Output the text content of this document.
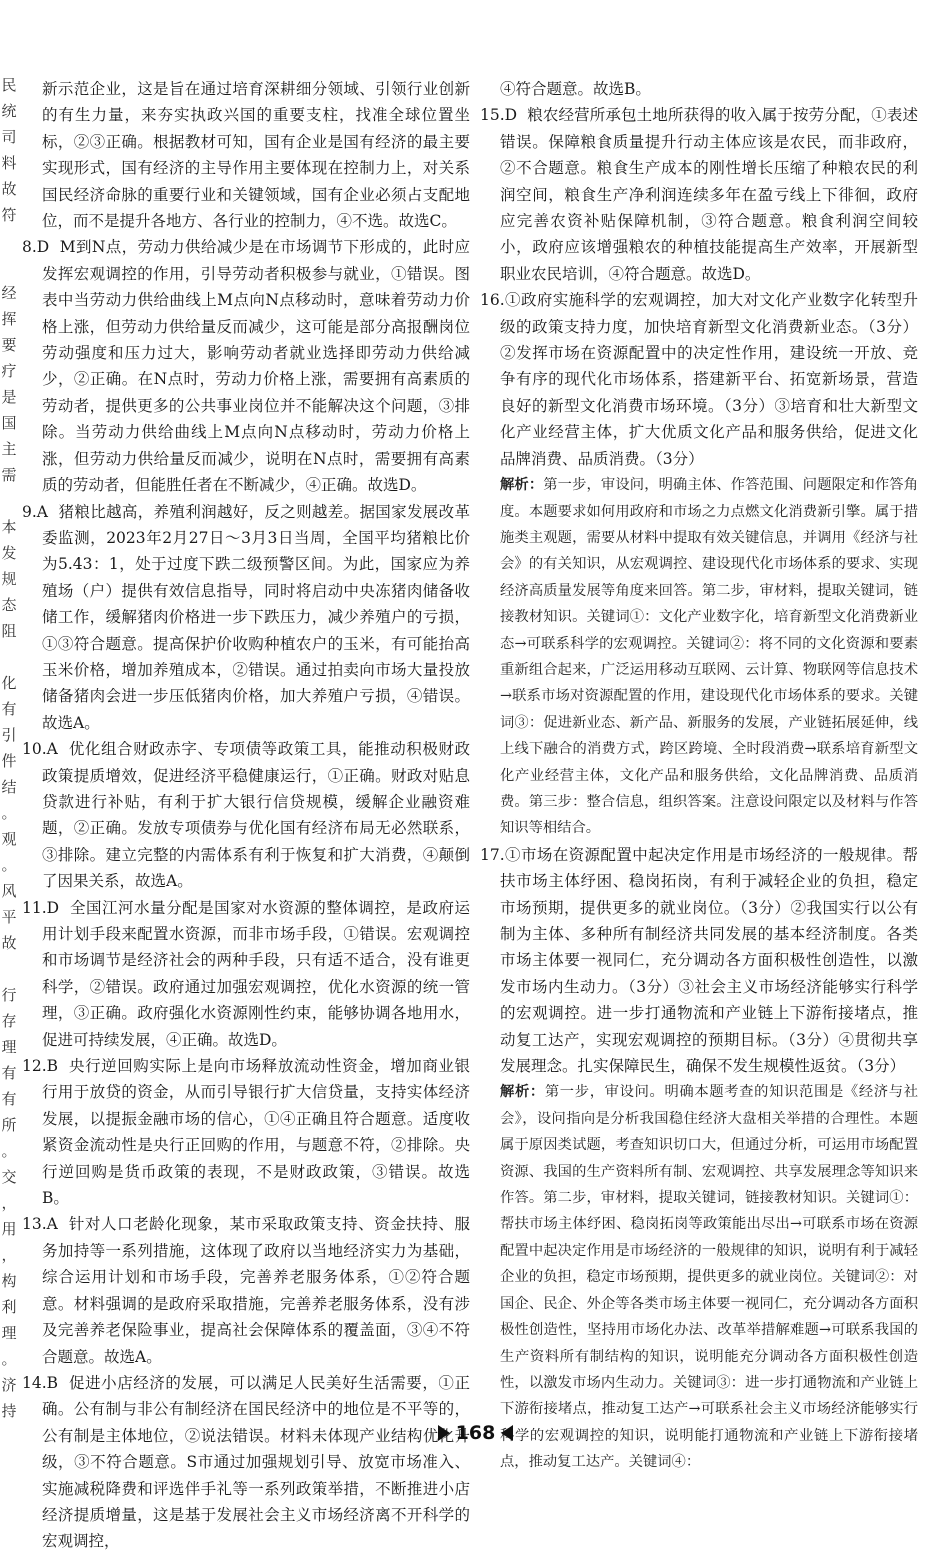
民
统
司
料
故
符

经
挥
要
疗
是
国
主
需

本
发
规
态
阻

化
有
引
件
结
。
观
。
风
平
故

行
存
理
有
有
所
。
交
，
用
，
构
利
理
。
济
持
新示范企业，这是旨在通过培育深耕细分领域、引领行业创新的有生力量，来夯实执政兴国的重要支柱，找准全球位置坐标，②③正确。根据教材可知，国有企业是国有经济的最主要实现形式，国有经济的主导作用主要体现在控制力上，对关系国民经济命脉的重要行业和关键领域，国有企业必须占支配地位，而不是提升各地方、各行业的控制力，④不选。故选C。
8.D M到N点，劳动力供给减少是在市场调节下形成的，此时应发挥宏观调控的作用，引导劳动者积极参与就业，①错误。图表中当劳动力供给曲线上M点向N点移动时，意味着劳动力价格上涨，但劳动力供给量反而减少，这可能是部分高报酬岗位劳动强度和压力过大，影响劳动者就业选择即劳动力供给减少，②正确。在N点时，劳动力价格上涨，需要拥有高素质的劳动者，提供更多的公共事业岗位并不能解决这个问题，③排除。当劳动力供给曲线上M点向N点移动时，劳动力价格上涨，但劳动力供给量反而减少，说明在N点时，需要拥有高素质的劳动者，但能胜任者在不断减少，④正确。故选D。
9.A 猪粮比越高，养殖利润越好，反之则越差。据国家发展改革委监测，2023年2月27日～3月3日当周，全国平均猪粮比价为5.43：1，处于过度下跌二级预警区间。为此，国家应为养殖场（户）提供有效信息指导，同时将启动中央冻猪肉储备收储工作，缓解猪肉价格进一步下跌压力，减少养殖户的亏损，①③符合题意。提高保护价收购种植农户的玉米，有可能抬高玉米价格，增加养殖成本，②错误。通过拍卖向市场大量投放储备猪肉会进一步压低猪肉价格，加大养殖户亏损，④错误。故选A。
10.A 优化组合财政赤字、专项债等政策工具，能推动积极财政政策提质增效，促进经济平稳健康运行，①正确。财政对贴息贷款进行补贴，有利于扩大银行信贷规模，缓解企业融资难题，②正确。发放专项债券与优化国有经济布局无必然联系，③排除。建立完整的内需体系有利于恢复和扩大消费，④颠倒了因果关系，故选A。
11.D 全国江河水量分配是国家对水资源的整体调控，是政府运用计划手段来配置水资源，而非市场手段，①错误。宏观调控和市场调节是经济社会的两种手段，只有适不适合，没有谁更科学，②错误。政府通过加强宏观调控，优化水资源的统一管理，③正确。政府强化水资源刚性约束，能够协调各地用水，促进可持续发展，④正确。故选D。
12.B 央行逆回购实际上是向市场释放流动性资金，增加商业银行用于放贷的资金，从而引导银行扩大信贷量，支持实体经济发展，以提振金融市场的信心，①④正确且符合题意。适度收紧资金流动性是央行正回购的作用，与题意不符，②排除。央行逆回购是货币政策的表现，不是财政政策，③错误。故选B。
13.A 针对人口老龄化现象，某市采取政策支持、资金扶持、服务加持等一系列措施，这体现了政府以当地经济实力为基础，综合运用计划和市场手段，完善养老服务体系，①②符合题意。材料强调的是政府采取措施，完善养老服务体系，没有涉及完善养老保险事业，提高社会保障体系的覆盖面，③④不符合题意。故选A。
14.B 促进小店经济的发展，可以满足人民美好生活需要，①正确。公有制与非公有制经济在国民经济中的地位是不平等的，公有制是主体地位，②说法错误。材料未体现产业结构优化升级，③不符合题意。S市通过加强规划引导、放宽市场准入、实施减税降费和评选伴手礼等一系列政策举措，不断推进小店经济提质增量，这是基于发展社会主义市场经济离不开科学的宏观调控，
④符合题意。故选B。
15.D 粮农经营所承包土地所获得的收入属于按劳分配，①表述错误。保障粮食质量提升行动主体应该是农民，而非政府，②不合题意。粮食生产成本的刚性增长压缩了种粮农民的利润空间，粮食生产净利润连续多年在盈亏线上下徘徊，政府应完善农资补贴保障机制，③符合题意。粮食利润空间较小，政府应该增强粮农的种植技能提高生产效率，开展新型职业农民培训，④符合题意。故选D。
16.①政府实施科学的宏观调控，加大对文化产业数字化转型升级的政策支持力度，加快培育新型文化消费新业态。（3分）②发挥市场在资源配置中的决定性作用，建设统一开放、竞争有序的现代化市场体系，搭建新平台、拓宽新场景，营造良好的新型文化消费市场环境。（3分）③培育和壮大新型文化产业经营主体，扩大优质文化产品和服务供给，促进文化品牌消费、品质消费。（3分）
解析：第一步，审设问，明确主体、作答范围、问题限定和作答角度。本题要求如何用政府和市场之力点燃文化消费新引擎。属于措施类主观题，需要从材料中提取有效关键信息，并调用《经济与社会》的有关知识，从宏观调控、建设现代化市场体系的要求、实现经济高质量发展等角度来回答。第二步，审材料，提取关键词，链接教材知识。关键词①：文化产业数字化，培育新型文化消费新业态→可联系科学的宏观调控。关键词②：将不同的文化资源和要素重新组合起来，广泛运用移动互联网、云计算、物联网等信息技术→联系市场对资源配置的作用，建设现代化市场体系的要求。关键词③：促进新业态、新产品、新服务的发展，产业链拓展延伸，线上线下融合的消费方式，跨区跨境、全时段消费→联系培育新型文化产业经营主体，文化产品和服务供给，文化品牌消费、品质消费。第三步：整合信息，组织答案。注意设问限定以及材料与作答知识等相结合。
17.①市场在资源配置中起决定作用是市场经济的一般规律。帮扶市场主体纾困、稳岗拓岗，有利于减轻企业的负担，稳定市场预期，提供更多的就业岗位。（3分）②我国实行以公有制为主体、多种所有制经济共同发展的基本经济制度。各类市场主体要一视同仁，充分调动各方面积极性创造性，以激发市场内生动力。（3分）③社会主义市场经济能够实行科学的宏观调控。进一步打通物流和产业链上下游衔接堵点，推动复工达产，实现宏观调控的预期目标。（3分）④贯彻共享发展理念。扎实保障民生，确保不发生规模性返贫。（3分）
解析：第一步，审设问。明确本题考查的知识范围是《经济与社会》，设问指向是分析我国稳住经济大盘相关举措的合理性。本题属于原因类试题，考查知识切口大，但通过分析，可运用市场配置资源、我国的生产资料所有制、宏观调控、共享发展理念等知识来作答。第二步，审材料，提取关键词，链接教材知识。关键词①：帮扶市场主体纾困、稳岗拓岗等政策能出尽出→可联系市场在资源配置中起决定作用是市场经济的一般规律的知识，说明有利于减轻企业的负担，稳定市场预期，提供更多的就业岗位。关键词②：对国企、民企、外企等各类市场主体要一视同仁，充分调动各方面积极性创造性，坚持用市场化办法、改革举措解难题→可联系我国的生产资料所有制结构的知识，说明能充分调动各方面积极性创造性，以激发市场内生动力。关键词③：进一步打通物流和产业链上下游衔接堵点，推动复工达产→可联系社会主义市场经济能够实行科学的宏观调控的知识，说明能打通物流和产业链上下游衔接堵点，推动复工达产。关键词④：
168
